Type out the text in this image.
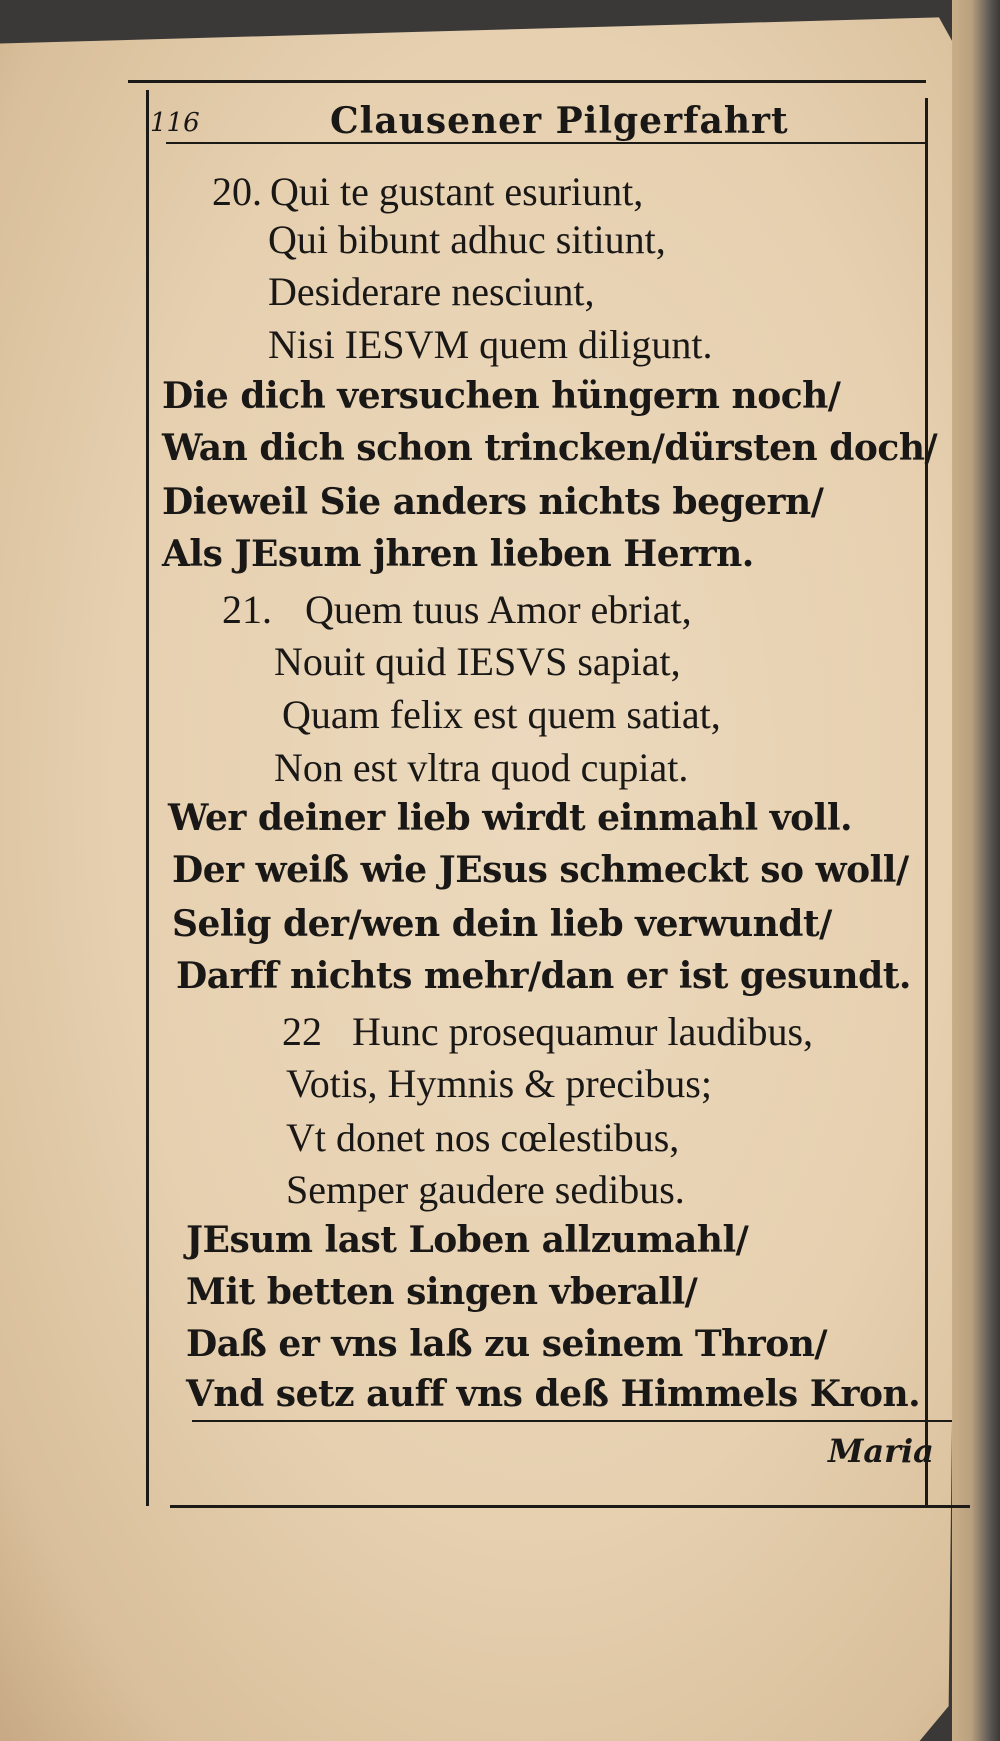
116	Clausener Pilgerfahrt
20. Qui te gustant esuriunt,
Qui bibunt adhuc sitiunt,
Desiderare nesciunt,
Nisi IESVM quem diligunt.
Die dich versuchen hüngern noch/
Wan dich schon trincken/dürsten doch/
Dieweil Sie anders nichts begern/
Als JEsum jhren lieben Herrn.
21. Quem tuus Amor ebriat,
Nouit quid IESVS sapiat,
Quam felix est quem satiat,
Non est vltra quod cupiat.
Wer deiner lieb wirdt einmahl voll.
Der weiß wie JEsus schmeckt so woll/
Selig der/wen dein lieb verwundt/
Darff nichts mehr/dan er ist gesundt.
22 Hunc prosequamur laudibus,
Votis, Hymnis & precibus;
Vt donet nos cœlestibus,
Semper gaudere sedibus.
JEsum last Loben allzumahl/
Mit betten singen vberall/
Daß er vns laß zu seinem Thron/
Vnd setz auff vns deß Himmels Kron.
Maria
